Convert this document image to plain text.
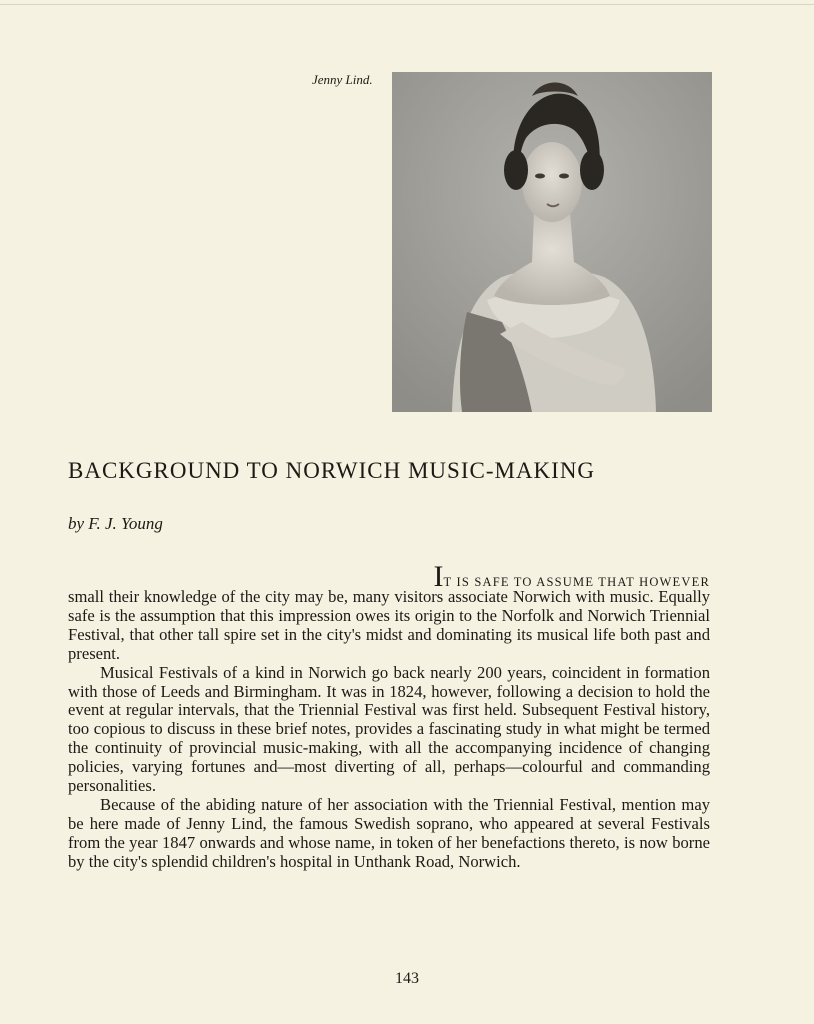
Jenny Lind.
BACKGROUND TO NORWICH MUSIC-MAKING
by F. J. Young
IT IS SAFE TO ASSUME THAT HOWEVER

small their knowledge of the city may be, many visitors associate Norwich with music. Equally safe is the assumption that this impression owes its origin to the Norfolk and Norwich Triennial Festival, that other tall spire set in the city's midst and dominating its musical life both past and present.

Musical Festivals of a kind in Norwich go back nearly 200 years, coincident in formation with those of Leeds and Birmingham. It was in 1824, however, following a decision to hold the event at regular intervals, that the Triennial Festival was first held. Subsequent Festival history, too copious to discuss in these brief notes, provides a fascinating study in what might be termed the continuity of provincial music-making, with all the accompanying incidence of changing policies, varying fortunes and—most diverting of all, perhaps—colourful and commanding personalities.

Because of the abiding nature of her association with the Triennial Festival, mention may be here made of Jenny Lind, the famous Swedish soprano, who appeared at several Festivals from the year 1847 onwards and whose name, in token of her benefactions thereto, is now borne by the city's splendid children's hospital in Unthank Road, Norwich.

143
